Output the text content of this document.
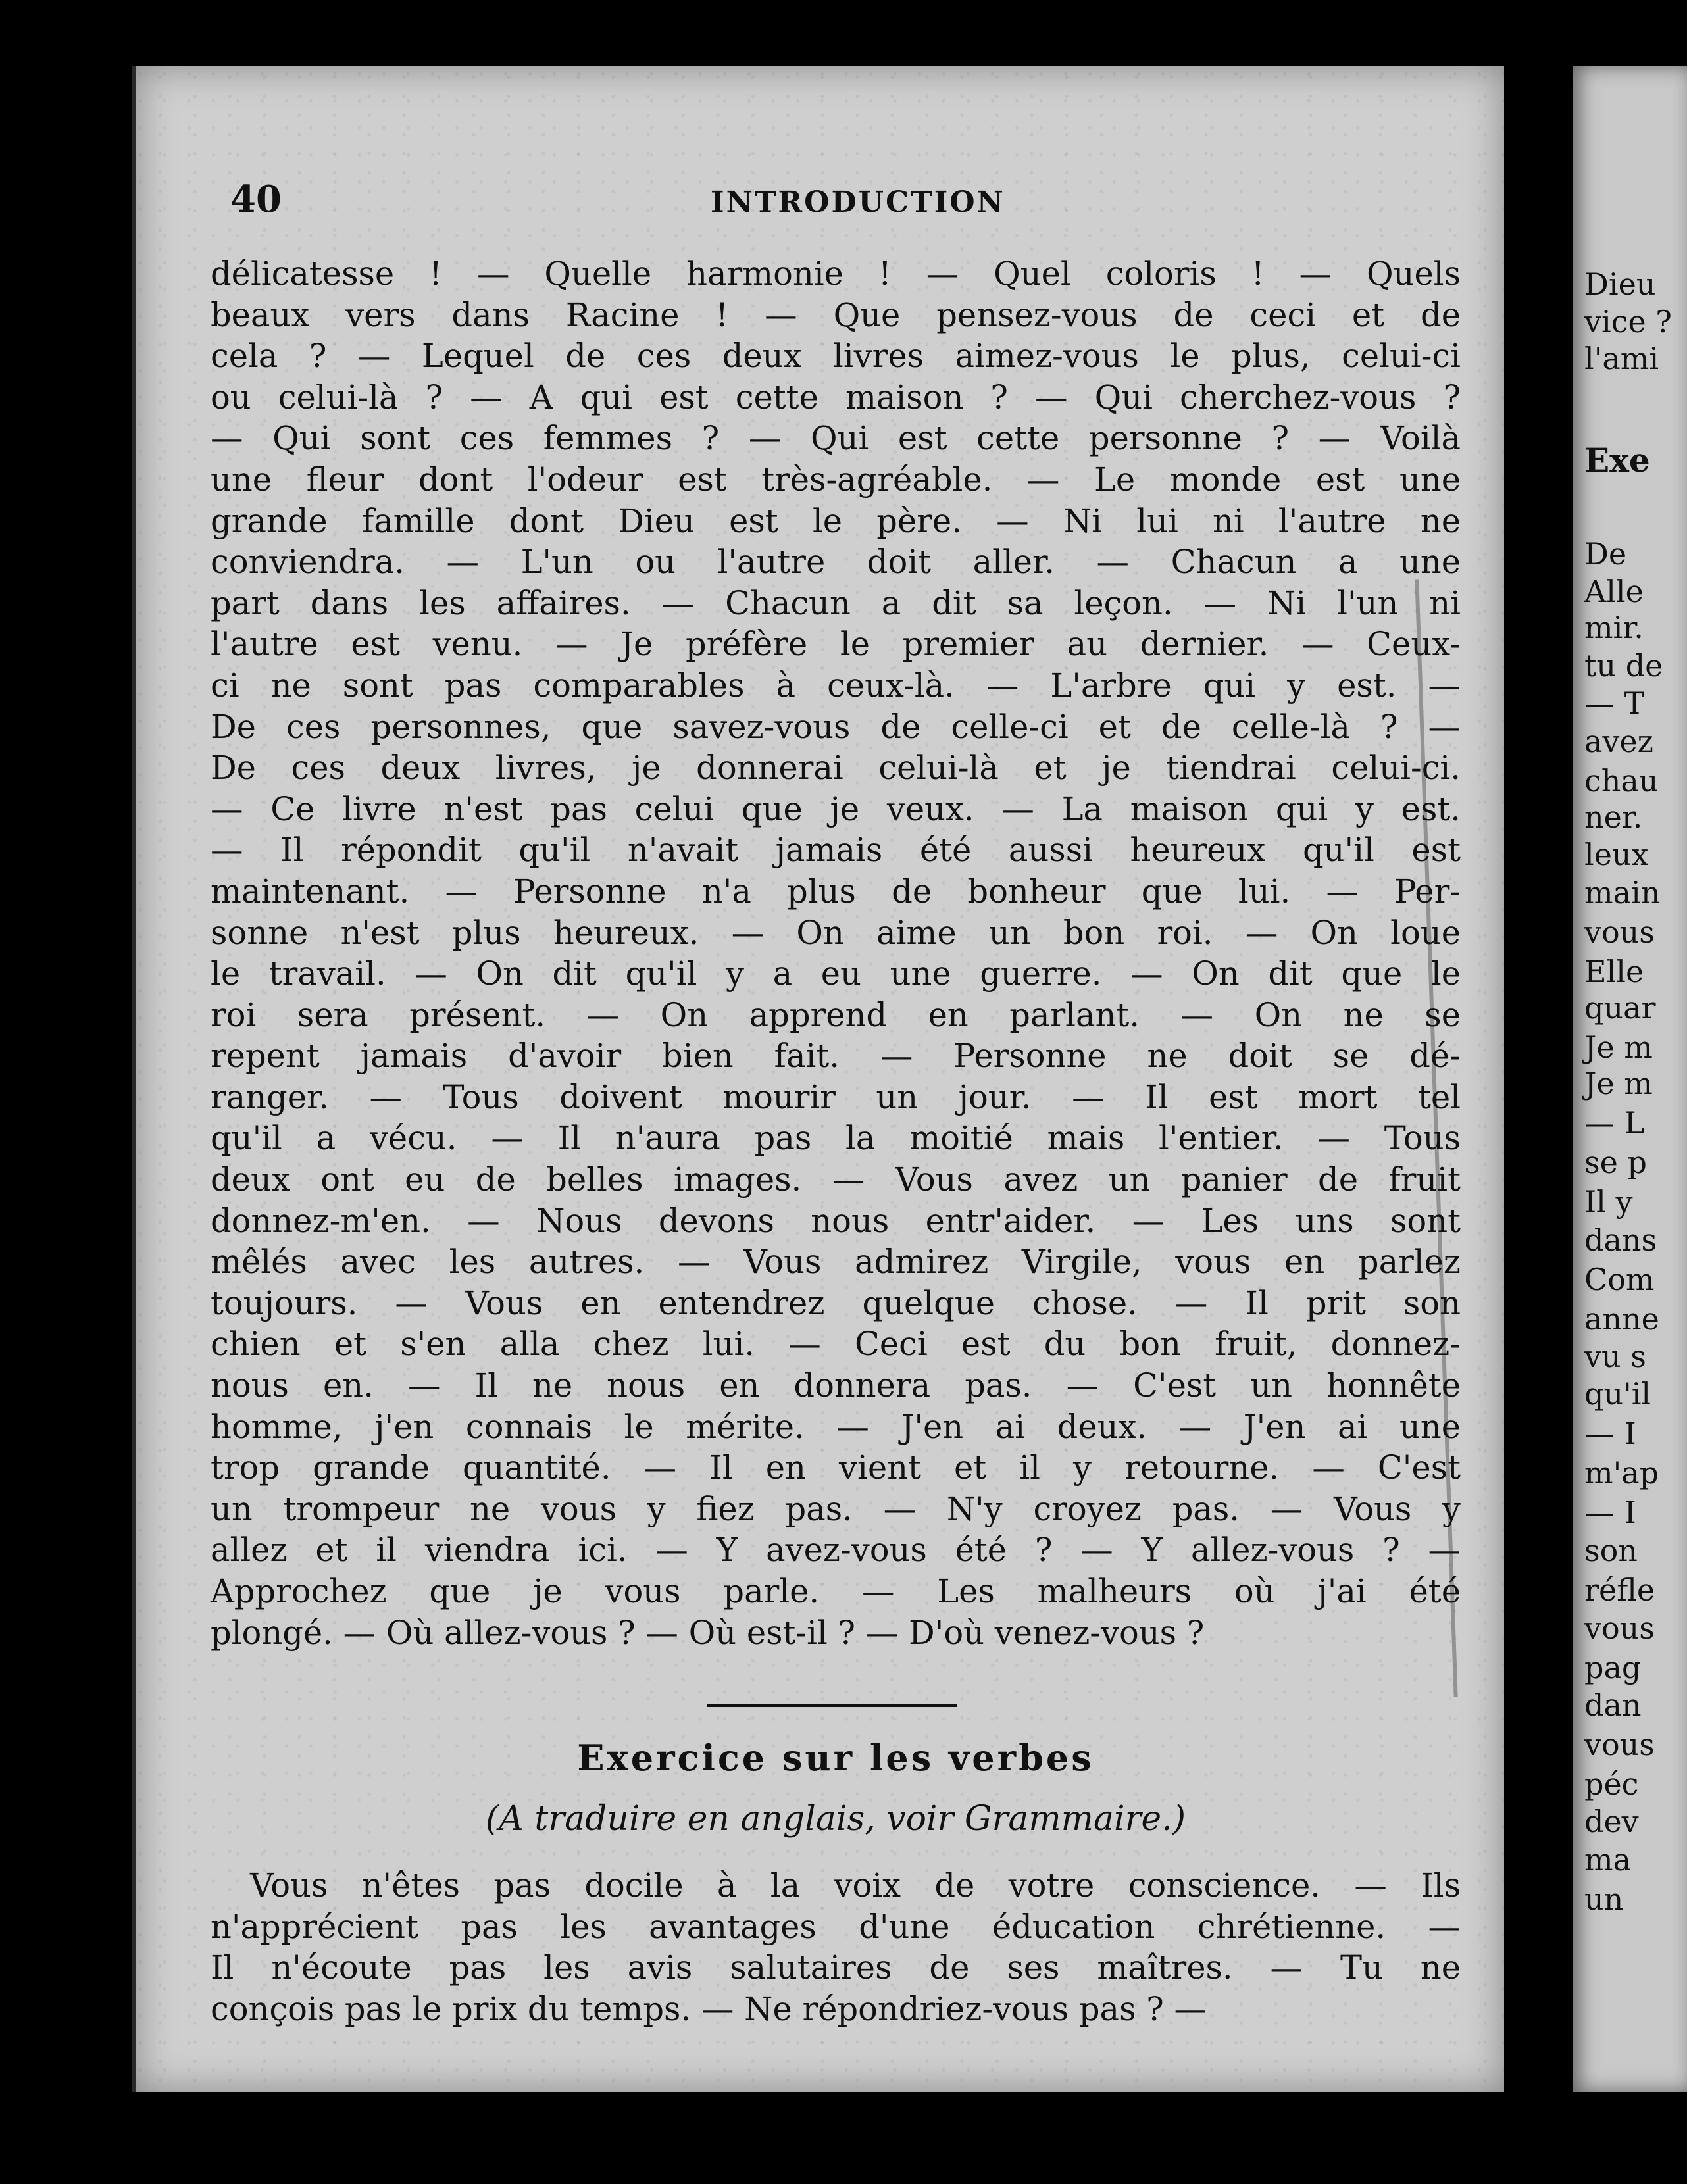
40	INTRODUCTION
délicatesse ! — Quelle harmonie ! — Quel coloris ! — Quels
beaux vers dans Racine ! — Que pensez-vous de ceci et de
cela ? — Lequel de ces deux livres aimez-vous le plus, celui-ci
ou celui-là ? — A qui est cette maison ? — Qui cherchez-vous ?
— Qui sont ces femmes ? — Qui est cette personne ? — Voilà
une fleur dont l'odeur est très-agréable. — Le monde est une
grande famille dont Dieu est le père. — Ni lui ni l'autre ne
conviendra. — L'un ou l'autre doit aller. — Chacun a une
part dans les affaires. — Chacun a dit sa leçon. — Ni l'un ni
l'autre est venu. — Je préfère le premier au dernier. — Ceux-
ci ne sont pas comparables à ceux-là. — L'arbre qui y est. —
De ces personnes, que savez-vous de celle-ci et de celle-là ? —
De ces deux livres, je donnerai celui-là et je tiendrai celui-ci.
— Ce livre n'est pas celui que je veux. — La maison qui y est.
— Il répondit qu'il n'avait jamais été aussi heureux qu'il est
maintenant. — Personne n'a plus de bonheur que lui. — Per-
sonne n'est plus heureux. — On aime un bon roi. — On loue
le travail. — On dit qu'il y a eu une guerre. — On dit que le
roi sera présent. — On apprend en parlant. — On ne se
repent jamais d'avoir bien fait. — Personne ne doit se dé-
ranger. — Tous doivent mourir un jour. — Il est mort tel
qu'il a vécu. — Il n'aura pas la moitié mais l'entier. — Tous
deux ont eu de belles images. — Vous avez un panier de fruit
donnez-m'en. — Nous devons nous entr'aider. — Les uns sont
mêlés avec les autres. — Vous admirez Virgile, vous en parlez
toujours. — Vous en entendrez quelque chose. — Il prit son
chien et s'en alla chez lui. — Ceci est du bon fruit, donnez-
nous en. — Il ne nous en donnera pas. — C'est un honnête
homme, j'en connais le mérite. — J'en ai deux. — J'en ai une
trop grande quantité. — Il en vient et il y retourne. — C'est
un trompeur ne vous y fiez pas. — N'y croyez pas. — Vous y
allez et il viendra ici. — Y avez-vous été ? — Y allez-vous ? —
Approchez que je vous parle. — Les malheurs où j'ai été
plongé. — Où allez-vous ? — Où est-il ? — D'où venez-vous ?
Exercice sur les verbes
(A traduire en anglais, voir Grammaire.)
Vous n'êtes pas docile à la voix de votre conscience. — Ils
n'apprécient pas les avantages d'une éducation chrétienne. —
Il n'écoute pas les avis salutaires de ses maîtres. — Tu ne
conçois pas le prix du temps. — Ne répondriez-vous pas ? —
Dieu
vice ?
l'ami
Exe
De
Alle
mir.
tu de
— T
avez
chau
ner.
leux
main
vous
Elle
quar
Je m
Je m
— L
se p
Il y
dans
Com
anne
vu s
qu'il
— I
m'ap
— I
son
réfle
vous
pag
dan
vous
péc
dev
ma
un
